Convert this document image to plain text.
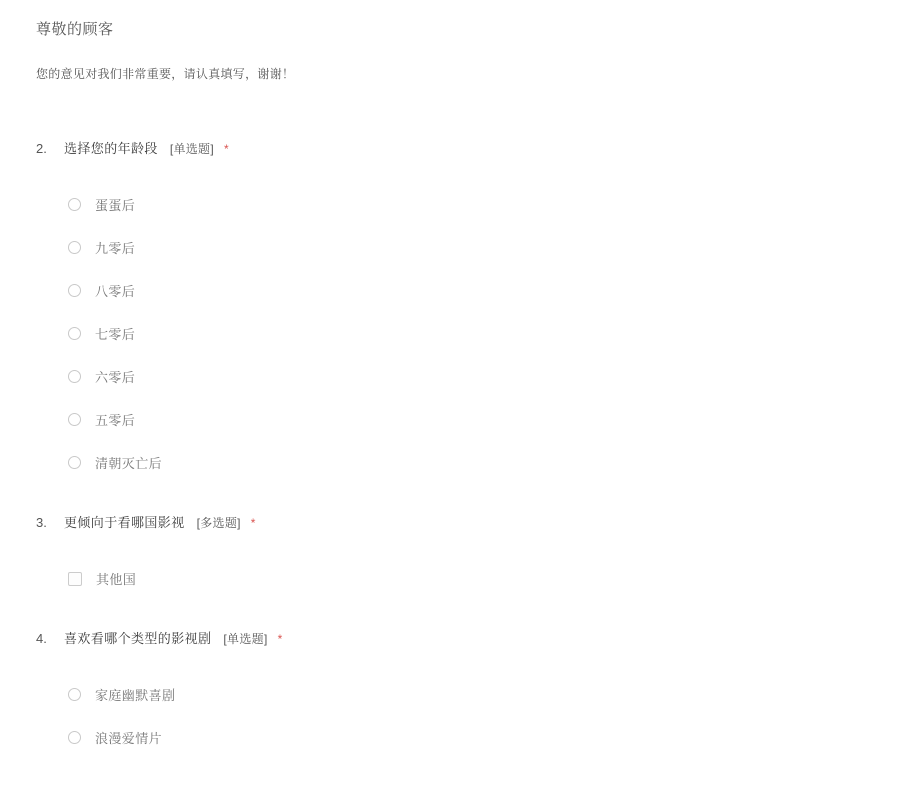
尊敬的顾客

您的意见对我们非常重要，请认真填写，谢谢！

2.	选择您的年龄段 [单选题] *
蛋蛋后
九零后
八零后
七零后
六零后
五零后
清朝灭亡后
3.	更倾向于看哪国影视 [多选题] *
其他国
4.	喜欢看哪个类型的影视剧 [单选题] *
家庭幽默喜剧
浪漫爱情片
